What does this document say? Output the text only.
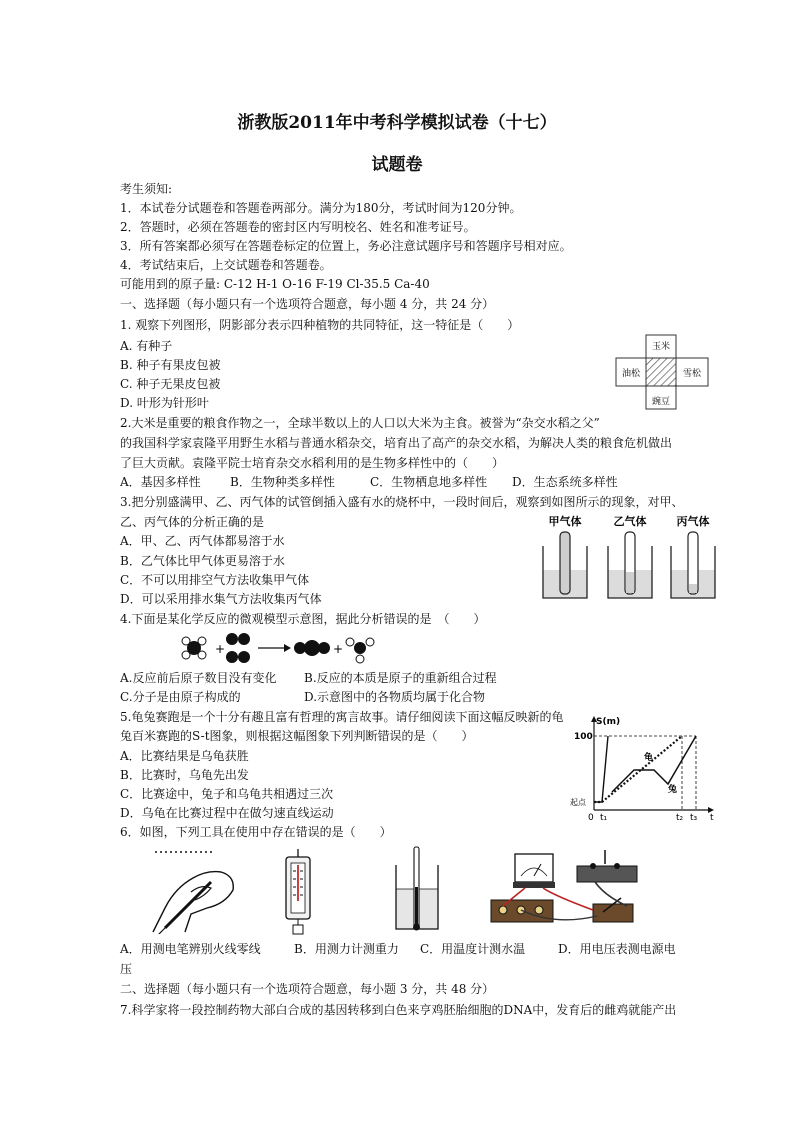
浙教版2011年中考科学模拟试卷（十七）
试题卷
考生须知:
1．本试卷分试题卷和答题卷两部分。满分为180分，考试时间为120分钟。
2．答题时，必须在答题卷的密封区内写明校名、姓名和准考证号。
3．所有答案都必须写在答题卷标定的位置上，务必注意试题序号和答题序号相对应。
4．考试结束后，上交试题卷和答题卷。
可能用到的原子量: C-12 H-1 O-16 F-19 Cl-35.5 Ca-40
一、选择题（每小题只有一个选项符合题意，每小题 4 分，共 24 分）
1. 观察下列图形，阴影部分表示四种植物的共同特征，这一特征是（　　）
A. 有种子
B. 种子有果皮包被
C. 种子无果皮包被
D. 叶形为针形叶
玉米
油松	雪松
豌豆
2.大米是重要的粮食作物之一，全球半数以上的人口以大米为主食。被誉为“杂交水稻之父”
的我国科学家袁隆平用野生水稻与普通水稻杂交，培育出了高产的杂交水稻，为解决人类的粮食危机做出
了巨大贡献。袁隆平院士培育杂交水稻利用的是生物多样性中的（　　）
A．基因多样性 B．生物种类多样性	C．生物栖息地多样性 D．生态系统多样性
3.把分别盛满甲、乙、丙气体的试管倒插入盛有水的烧杯中，一段时间后，观察到如图所示的现象，对甲、
乙、丙气体的分析正确的是
A．甲、乙、丙气体都易溶于水
B．乙气体比甲气体更易溶于水
C．不可以用排空气方法收集甲气体
D．可以采用排水集气方法收集丙气体
甲气体	乙气体	丙气体
4.下面是某化学反应的微观模型示意图，据此分析错误的是　（　　）
+	+
A.反应前后原子数目没有变化 B.反应的本质是原子的重新组合过程
C.分子是由原子构成的	D.示意图中的各物质均属于化合物
5.龟兔赛跑是一个十分有趣且富有哲理的寓言故事。请仔细阅读下面这幅反映新的龟
兔百米赛跑的S-t图象，则根据这幅图象下列判断错误的是（　　）
A．比赛结果是乌龟获胜
B．比赛时，乌龟先出发
C．比赛途中，兔子和乌龟共相遇过三次
D．乌龟在比赛过程中在做匀速直线运动
S(m)
100
龟
兔
起点
0 t₁	t₂ t₃ t
6．如图，下列工具在使用中存在错误的是（　　）
A．用测电笔辨别火线零线	B．用测力计测重力 C．用温度计测水温	D．用电压表测电源电
压
二、选择题（每小题只有一个选项符合题意，每小题 3 分，共 48 分）
7.科学家将一段控制药物大部白合成的基因转移到白色来亨鸡胚胎细胞的DNA中，发育后的雌鸡就能产出
